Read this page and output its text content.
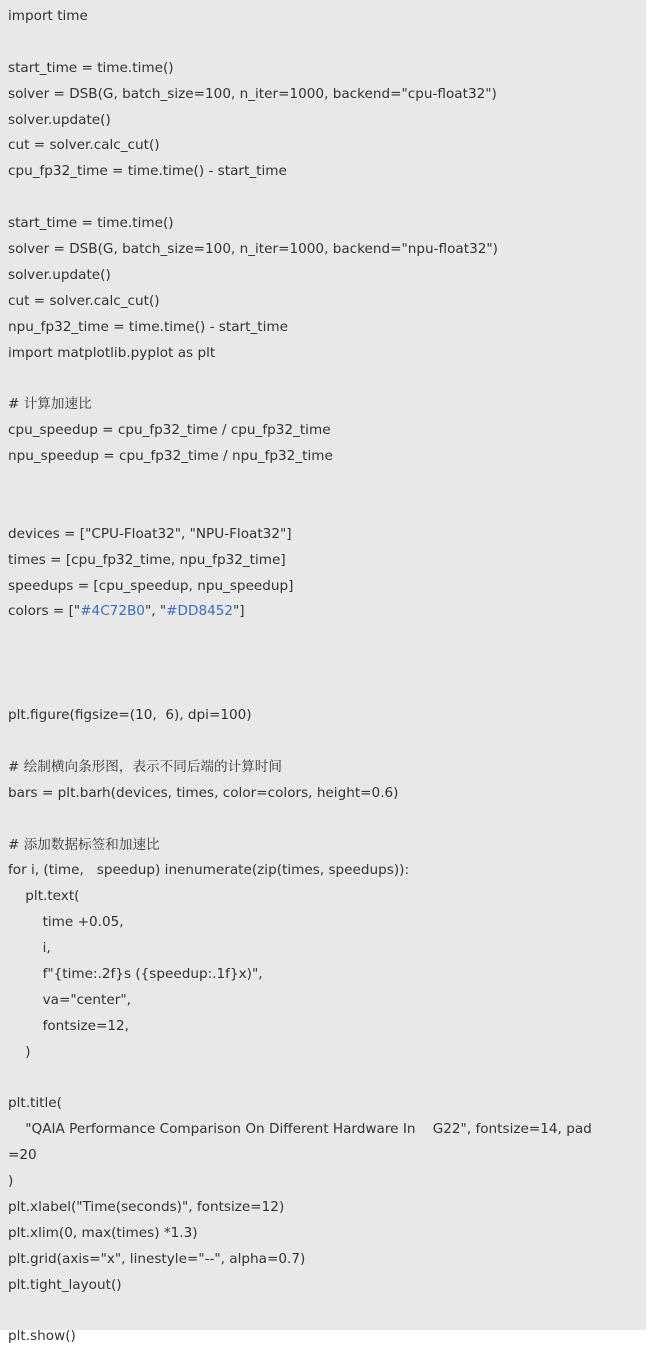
import time
start_time = time.time()
solver = DSB(G, batch_size=100, n_iter=1000, backend="cpu-float32")
solver.update()
cut = solver.calc_cut()
cpu_fp32_time = time.time() - start_time
start_time = time.time()
solver = DSB(G, batch_size=100, n_iter=1000, backend="npu-float32")
solver.update()
cut = solver.calc_cut()
npu_fp32_time = time.time() - start_time
import matplotlib.pyplot as plt
# 计算加速比
cpu_speedup = cpu_fp32_time / cpu_fp32_time
npu_speedup = cpu_fp32_time / npu_fp32_time
devices = ["CPU-Float32", "NPU-Float32"]
times = [cpu_fp32_time, npu_fp32_time]
speedups = [cpu_speedup, npu_speedup]
colors = ["#4C72B0", "#DD8452"]
plt.figure(figsize=(10,  6), dpi=100)
# 绘制横向条形图，表示不同后端的计算时间
bars = plt.barh(devices, times, color=colors, height=0.6)
# 添加数据标签和加速比
for i, (time,   speedup) inenumerate(zip(times, speedups)):
plt.text(
time +0.05,
i,
f"{time:.2f}s ({speedup:.1f}x)",
va="center",
fontsize=12,
)
plt.title(
"QAIA Performance Comparison On Different Hardware In    G22", fontsize=14, pad
=20
)
plt.xlabel("Time(seconds)", fontsize=12)
plt.xlim(0, max(times) *1.3)
plt.grid(axis="x", linestyle="--", alpha=0.7)
plt.tight_layout()
plt.show()
